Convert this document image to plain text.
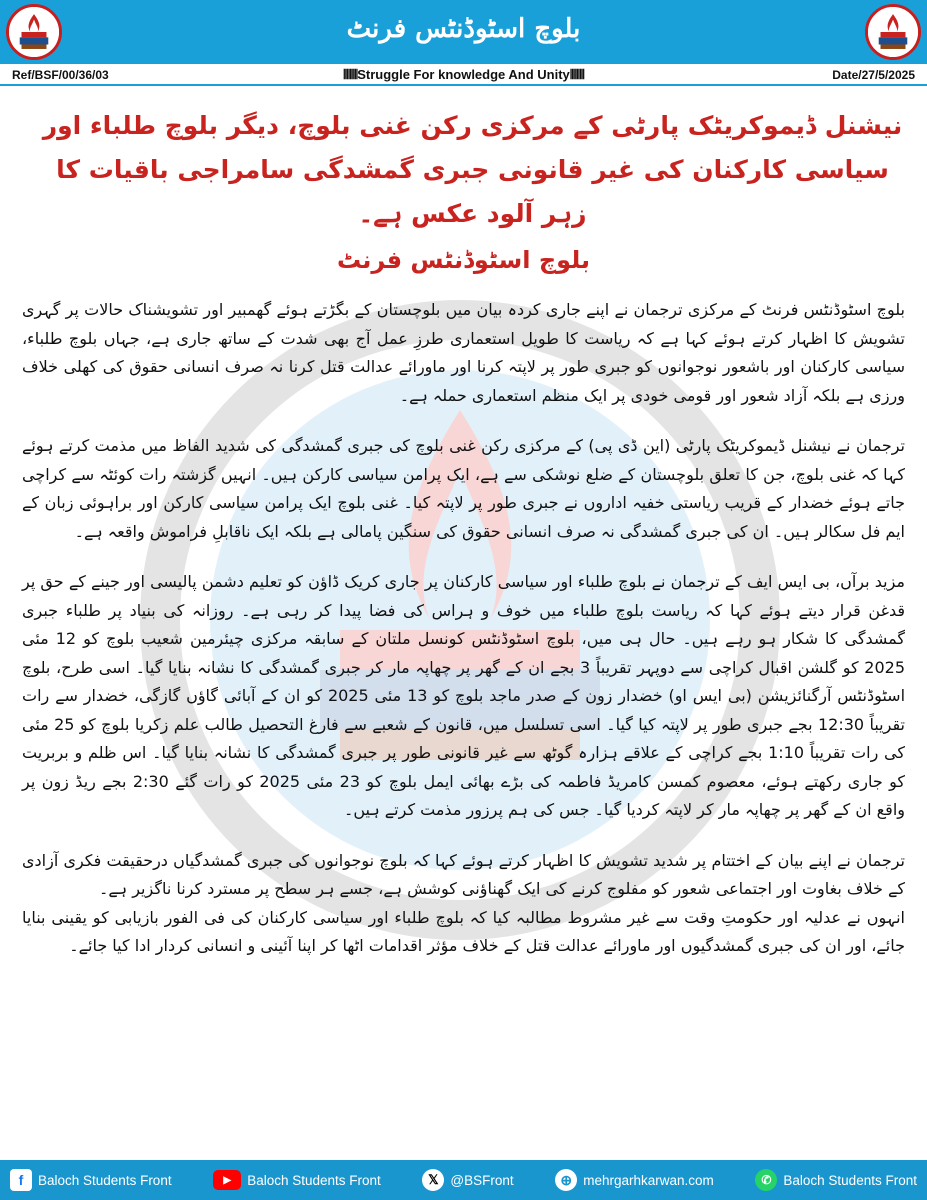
بلوچ اسٹوڈنٹس فرنٹ
Ref/BSF/00/36/03	⦀⦀⦀Struggle For knowledge And Unity⦀⦀⦀	Date/27/5/2025
نیشنل ڈیموکریٹک پارٹی کے مرکزی رکن غنی بلوچ، دیگر بلوچ طلباء اور سیاسی کارکنان کی غیر قانونی جبری گمشدگی سامراجی باقیات کا زہر آلود عکس ہے۔
بلوچ اسٹوڈنٹس فرنٹ

بلوچ اسٹوڈنٹس فرنٹ کے مرکزی ترجمان نے اپنے جاری کردہ بیان میں بلوچستان کے بگڑتے ہوئے گھمبیر اور تشویشناک حالات پر گہری تشویش کا اظہار کرتے ہوئے کہا ہے کہ ریاست کا طویل استعماری طرزِ عمل آج بھی شدت کے ساتھ جاری ہے، جہاں بلوچ طلباء، سیاسی کارکنان اور باشعور نوجوانوں کو جبری طور پر لاپتہ کرنا اور ماورائے عدالت قتل کرنا نہ صرف انسانی حقوق کی کھلی خلاف ورزی ہے بلکہ آزاد شعور اور قومی خودی پر ایک منظم استعماری حملہ ہے۔

ترجمان نے نیشنل ڈیموکریٹک پارٹی (این ڈی پی) کے مرکزی رکن غنی بلوچ کی جبری گمشدگی کی شدید الفاظ میں مذمت کرتے ہوئے کہا کہ غنی بلوچ، جن کا تعلق بلوچستان کے ضلع نوشکی سے ہے، ایک پرامن سیاسی کارکن ہیں۔ انہیں گزشتہ رات کوئٹہ سے کراچی جاتے ہوئے خضدار کے قریب ریاستی خفیہ اداروں نے جبری طور پر لاپتہ کیا۔ غنی بلوچ ایک پرامن سیاسی کارکن اور براہوئی زبان کے ایم فل سکالر ہیں۔ ان کی جبری گمشدگی نہ صرف انسانی حقوق کی سنگین پامالی ہے بلکہ ایک ناقابلِ فراموش واقعہ ہے۔

مزید برآں، بی ایس ایف کے ترجمان نے بلوچ طلباء اور سیاسی کارکنان پر جاری کریک ڈاؤن کو تعلیم دشمن پالیسی اور جینے کے حق پر قدغن قرار دیتے ہوئے کہا کہ ریاست بلوچ طلباء میں خوف و ہراس کی فضا پیدا کر رہی ہے۔ روزانہ کی بنیاد پر طلباء جبری گمشدگی کا شکار ہو رہے ہیں۔ حال ہی میں، بلوچ اسٹوڈنٹس کونسل ملتان کے سابقہ مرکزی چیئرمین شعیب بلوچ کو 12 مئی 2025 کو گلشن اقبال کراچی سے دوپہر تقریباً 3 بجے ان کے گھر پر چھاپہ مار کر جبری گمشدگی کا نشانہ بنایا گیا۔ اسی طرح، بلوچ اسٹوڈنٹس آرگنائزیشن (بی ایس او) خضدار زون کے صدر ماجد بلوچ کو 13 مئی 2025 کو ان کے آبائی گاؤں گازگی، خضدار سے رات تقریباً 12:30 بجے جبری طور پر لاپتہ کیا گیا۔ اسی تسلسل میں، قانون کے شعبے سے فارغ التحصیل طالب علم زکریا بلوچ کو 25 مئی کی رات تقریباً 1:10 بجے کراچی کے علاقے ہزارہ گوٹھ سے غیر قانونی طور پر جبری گمشدگی کا نشانہ بنایا گیا۔ اس ظلم و بربریت کو جاری رکھتے ہوئے، معصوم کمسن کامریڈ فاطمہ کی بڑے بھائی ایمل بلوچ کو 23 مئی 2025 کو رات گئے 2:30 بجے ریڈ زون پر واقع ان کے گھر پر چھاپہ مار کر لاپتہ کردیا گیا۔ جس کی ہم پرزور مذمت کرتے ہیں۔

ترجمان نے اپنے بیان کے اختتام پر شدید تشویش کا اظہار کرتے ہوئے کہا کہ بلوچ نوجوانوں کی جبری گمشدگیاں درحقیقت فکری آزادی کے خلاف بغاوت اور اجتماعی شعور کو مفلوج کرنے کی ایک گھناؤنی کوشش ہے، جسے ہر سطح پر مسترد کرنا ناگزیر ہے۔

انہوں نے عدلیہ اور حکومتِ وقت سے غیر مشروط مطالبہ کیا کہ بلوچ طلباء اور سیاسی کارکنان کی فی الفور بازیابی کو یقینی بنایا جائے، اور ان کی جبری گمشدگیوں اور ماورائے عدالت قتل کے خلاف مؤثر اقدامات اٹھا کر اپنا آئینی و انسانی کردار ادا کیا جائے۔

f	Baloch Students Front	▶	Baloch Students Front	𝕏 @BSFront	⊕ mehrgarhkarwan.com	✆ Baloch Students Front
